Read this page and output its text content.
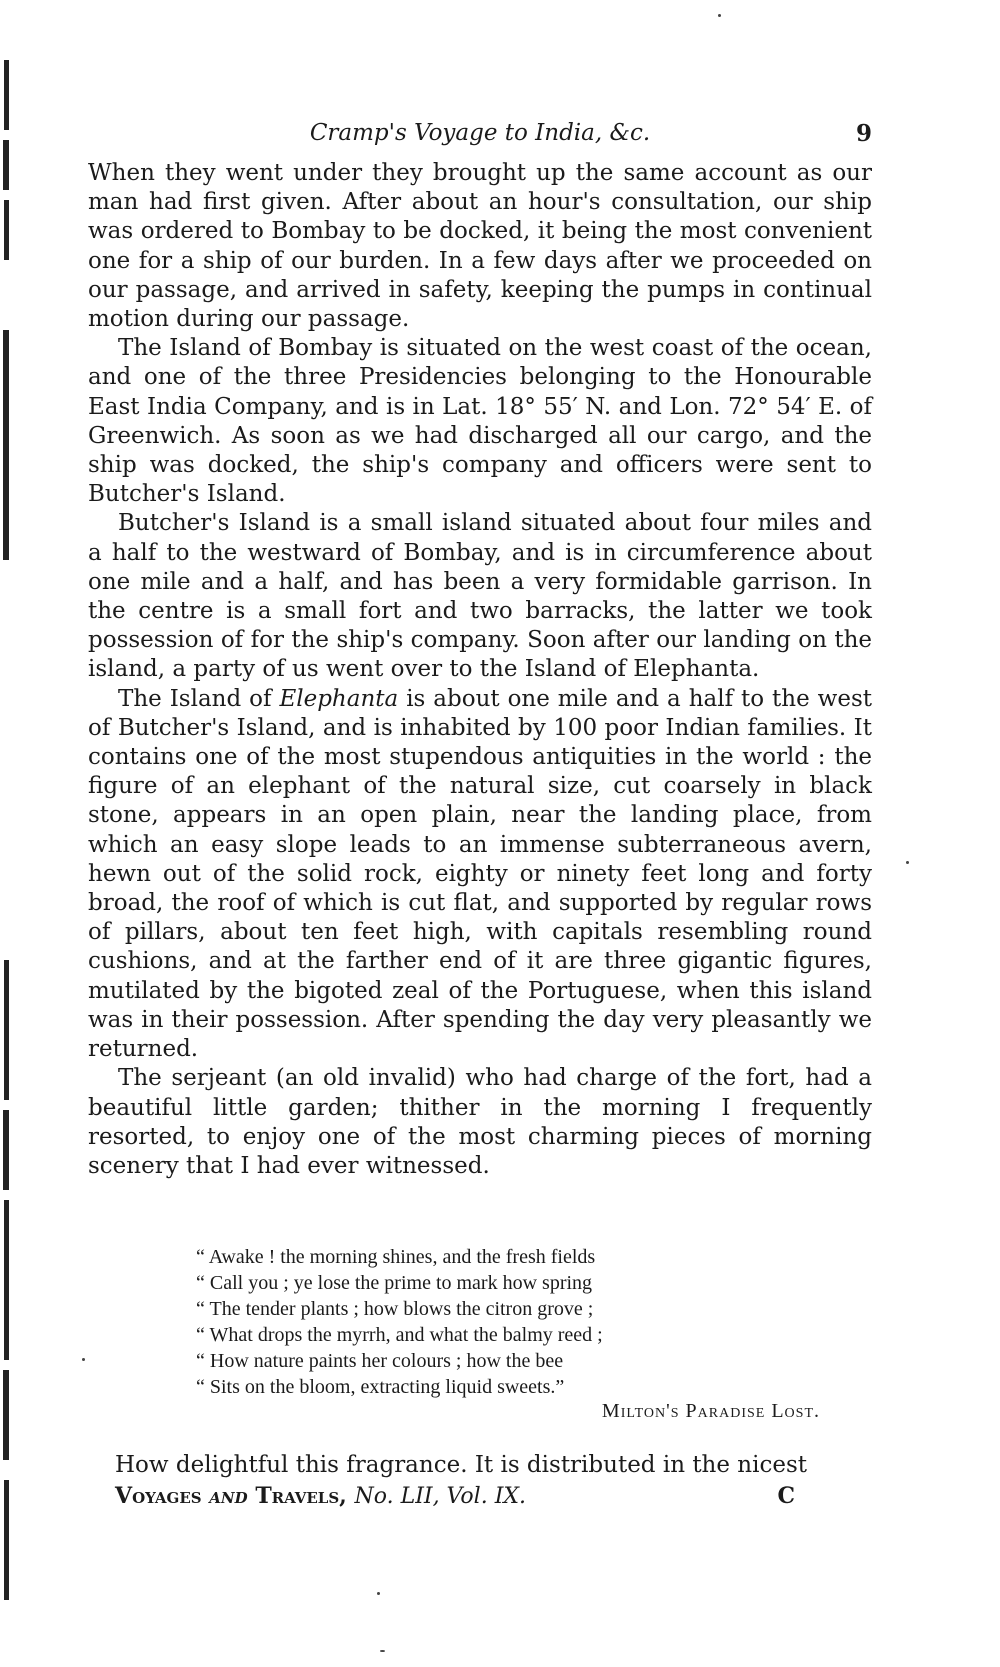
Cramp's Voyage to India, &c.	9

When they went under they brought up the same account as our man had first given. After about an hour's consultation, our ship was ordered to Bombay to be docked, it being the most convenient one for a ship of our burden. In a few days after we proceeded on our passage, and arrived in safety, keeping the pumps in continual motion during our passage.

The Island of Bombay is situated on the west coast of the ocean, and one of the three Presidencies belonging to the Honourable East India Company, and is in Lat. 18° 55′ N. and Lon. 72° 54′ E. of Greenwich. As soon as we had discharged all our cargo, and the ship was docked, the ship's company and officers were sent to Butcher's Island.

Butcher's Island is a small island situated about four miles and a half to the westward of Bombay, and is in circumference about one mile and a half, and has been a very formidable garrison. In the centre is a small fort and two barracks, the latter we took possession of for the ship's company. Soon after our landing on the island, a party of us went over to the Island of Elephanta.

The Island of Elephanta is about one mile and a half to the west of Butcher's Island, and is inhabited by 100 poor Indian families. It contains one of the most stupendous antiquities in the world : the figure of an elephant of the natural size, cut coarsely in black stone, appears in an open plain, near the landing place, from which an easy slope leads to an immense subterraneous avern, hewn out of the solid rock, eighty or ninety feet long and forty broad, the roof of which is cut flat, and supported by regular rows of pillars, about ten feet high, with capitals resembling round cushions, and at the farther end of it are three gigantic figures, mutilated by the bigoted zeal of the Portuguese, when this island was in their possession. After spending the day very pleasantly we returned.

The serjeant (an old invalid) who had charge of the fort, had a beautiful little garden; thither in the morning I frequently resorted, to enjoy one of the most charming pieces of morning scenery that I had ever witnessed.

“ Awake ! the morning shines, and the fresh fields
“ Call you ; ye lose the prime to mark how spring
“ The tender plants ; how blows the citron grove ;
“ What drops the myrrh, and what the balmy reed ;
“ How nature paints her colours ; how the bee
“ Sits on the bloom, extracting liquid sweets.”
Milton's Paradise Lost.
How delightful this fragrance. It is distributed in the nicest
Voyages and Travels, No. LII, Vol. IX.	C
